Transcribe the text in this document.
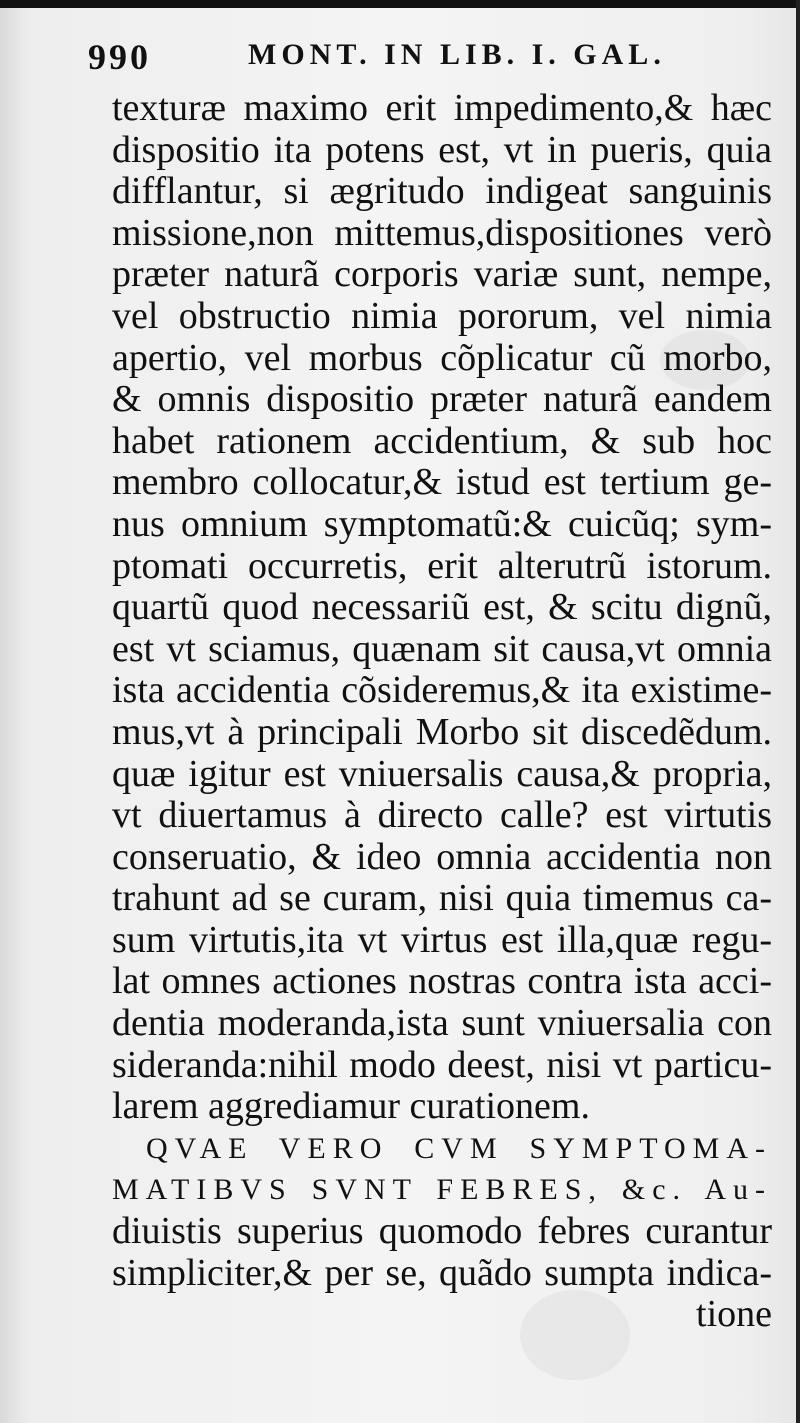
990	MONT. IN LIB. I. GAL.
texturæ maximo erit impedimento,& hæc
dispositio ita potens est, vt in pueris, quia
difflantur, si ægritudo indigeat sanguinis
missione,non mittemus,dispositiones verò
præter naturã corporis variæ sunt, nempe,
vel obstructio nimia pororum, vel nimia
apertio, vel morbus cõplicatur cũ morbo,
& omnis dispositio præter naturã eandem
habet rationem accidentium, & sub hoc
membro collocatur,& istud est tertium ge-
nus omnium symptomatũ:& cuicũq; sym-
ptomati occurretis, erit alterutrũ istorum.
quartũ quod necessariũ est, & scitu dignũ,
est vt sciamus, quænam sit causa,vt omnia
ista accidentia cõsideremus,& ita existime-
mus,vt à principali Morbo sit discedẽdum.
quæ igitur est vniuersalis causa,& propria,
vt diuertamus à directo calle? est virtutis
conseruatio, & ideo omnia accidentia non
trahunt ad se curam, nisi quia timemus ca-
sum virtutis,ita vt virtus est illa,quæ regu-
lat omnes actiones nostras contra ista acci-
dentia moderanda,ista sunt vniuersalia con
sideranda:nihil modo deest, nisi vt particu-
larem aggrediamur curationem.
QVAE VERO CVM SYMPTOMA-
MATIBVS SVNT FEBRES, &c. Au-
diuistis superius quomodo febres curantur
simpliciter,& per se, quãdo sumpta indica-
tione
